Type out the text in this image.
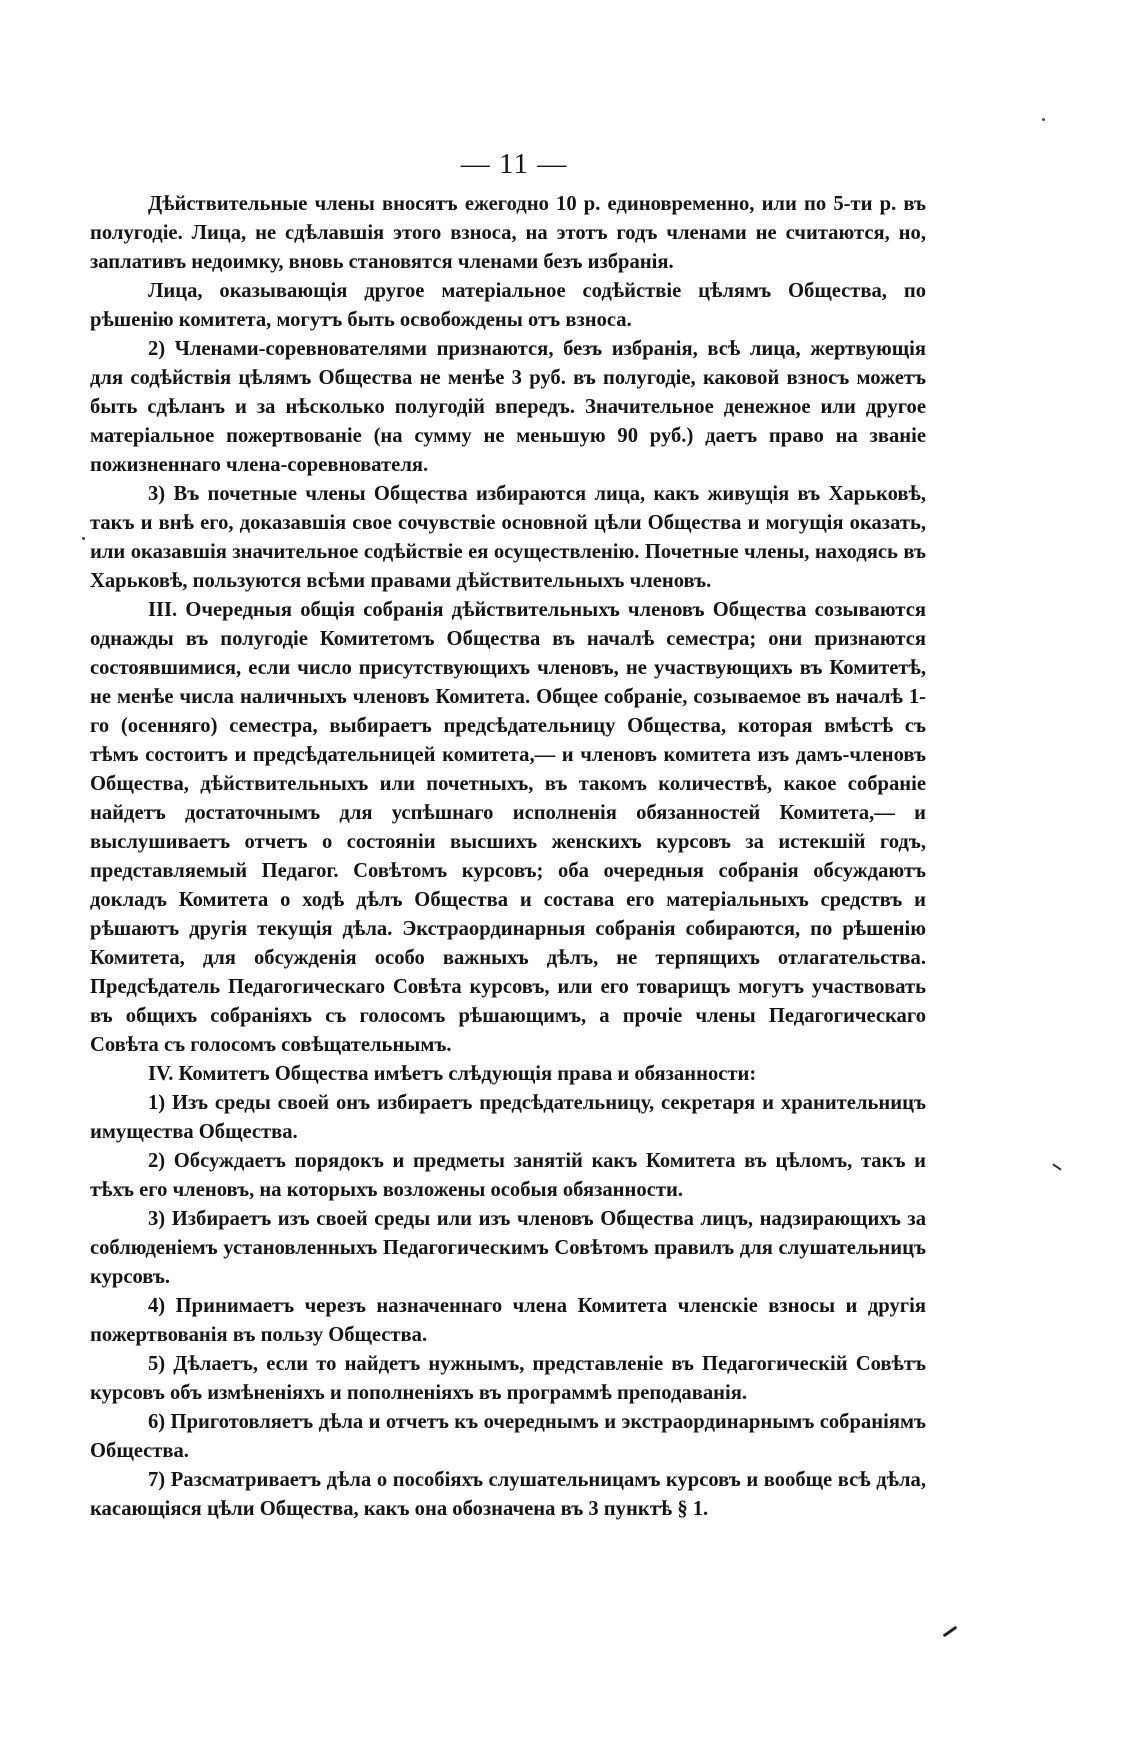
— 11 —

Дѣйствительные члены вносятъ ежегодно 10 р. единовременно, или по 5-ти р. въ полугодіе. Лица, не сдѣлавшія этого взноса, на этотъ годъ членами не считаются, но, заплативъ недоимку, вновь становятся членами безъ избранія.

Лица, оказывающія другое матеріальное содѣйствіе цѣлямъ Общества, по рѣшенію комитета, могутъ быть освобождены отъ взноса.

2) Членами-соревнователями признаются, безъ избранія, всѣ лица, жертвующія для содѣйствія цѣлямъ Общества не менѣе 3 руб. въ полугодіе, каковой взносъ можетъ быть сдѣланъ и за нѣсколько полугодій впередъ. Значительное денежное или другое матеріальное пожертвованіе (на сумму не меньшую 90 руб.) даетъ право на званіе пожизненнаго члена-соревнователя.

3) Въ почетные члены Общества избираются лица, какъ живущія въ Харьковѣ, такъ и внѣ его, доказавшія свое сочувствіе основной цѣли Общества и могущія оказать, или оказавшія значительное содѣйствіе ея осуществленію. Почетные члены, находясь въ Харьковѣ, пользуются всѣми правами дѣйствительныхъ членовъ.

III. Очередныя общія собранія дѣйствительныхъ членовъ Общества созываются однажды въ полугодіе Комитетомъ Общества въ началѣ семестра; они признаются состоявшимися, если число присутствующихъ членовъ, не участвующихъ въ Комитетѣ, не менѣе числа наличныхъ членовъ Комитета. Общее собраніе, созываемое въ началѣ 1-го (осенняго) семестра, выбираетъ предсѣдательницу Общества, которая вмѣстѣ съ тѣмъ состоитъ и предсѣдательницей комитета,— и членовъ комитета изъ дамъ-членовъ Общества, дѣйствительныхъ или почетныхъ, въ такомъ количествѣ, какое собраніе найдетъ достаточнымъ для успѣшнаго исполненія обязанностей Комитета,— и выслушиваетъ отчетъ о состояніи высшихъ женскихъ курсовъ за истекшій годъ, представляемый Педагог. Совѣтомъ курсовъ; оба очередныя собранія обсуждаютъ докладъ Комитета о ходѣ дѣлъ Общества и состава его матеріальныхъ средствъ и рѣшаютъ другія текущія дѣла. Экстраординарныя собранія собираются, по рѣшенію Комитета, для обсужденія особо важныхъ дѣлъ, не терпящихъ отлагательства. Предсѣдатель Педагогическаго Совѣта курсовъ, или его товарищъ могутъ участвовать въ общихъ собраніяхъ съ голосомъ рѣшающимъ, а прочіе члены Педагогическаго Совѣта съ голосомъ совѣщательнымъ.

IV. Комитетъ Общества имѣетъ слѣдующія права и обязанности:

1) Изъ среды своей онъ избираетъ предсѣдательницу, секретаря и хранительницъ имущества Общества.

2) Обсуждаетъ порядокъ и предметы занятій какъ Комитета въ цѣломъ, такъ и тѣхъ его членовъ, на которыхъ возложены особыя обязанности.

3) Избираетъ изъ своей среды или изъ членовъ Общества лицъ, надзирающихъ за соблюденіемъ установленныхъ Педагогическимъ Совѣтомъ правилъ для слушательницъ курсовъ.

4) Принимаетъ черезъ назначеннаго члена Комитета членскіе взносы и другія пожертвованія въ пользу Общества.

5) Дѣлаетъ, если то найдетъ нужнымъ, представленіе въ Педагогическій Совѣтъ курсовъ объ измѣненіяхъ и пополненіяхъ въ программѣ преподаванія.

6) Приготовляетъ дѣла и отчетъ къ очереднымъ и экстраординарнымъ собраніямъ Общества.

7) Разсматриваетъ дѣла о пособіяхъ слушательницамъ курсовъ и вообще всѣ дѣла, касающіяся цѣли Общества, какъ она обозначена въ 3 пунктѣ § 1.
